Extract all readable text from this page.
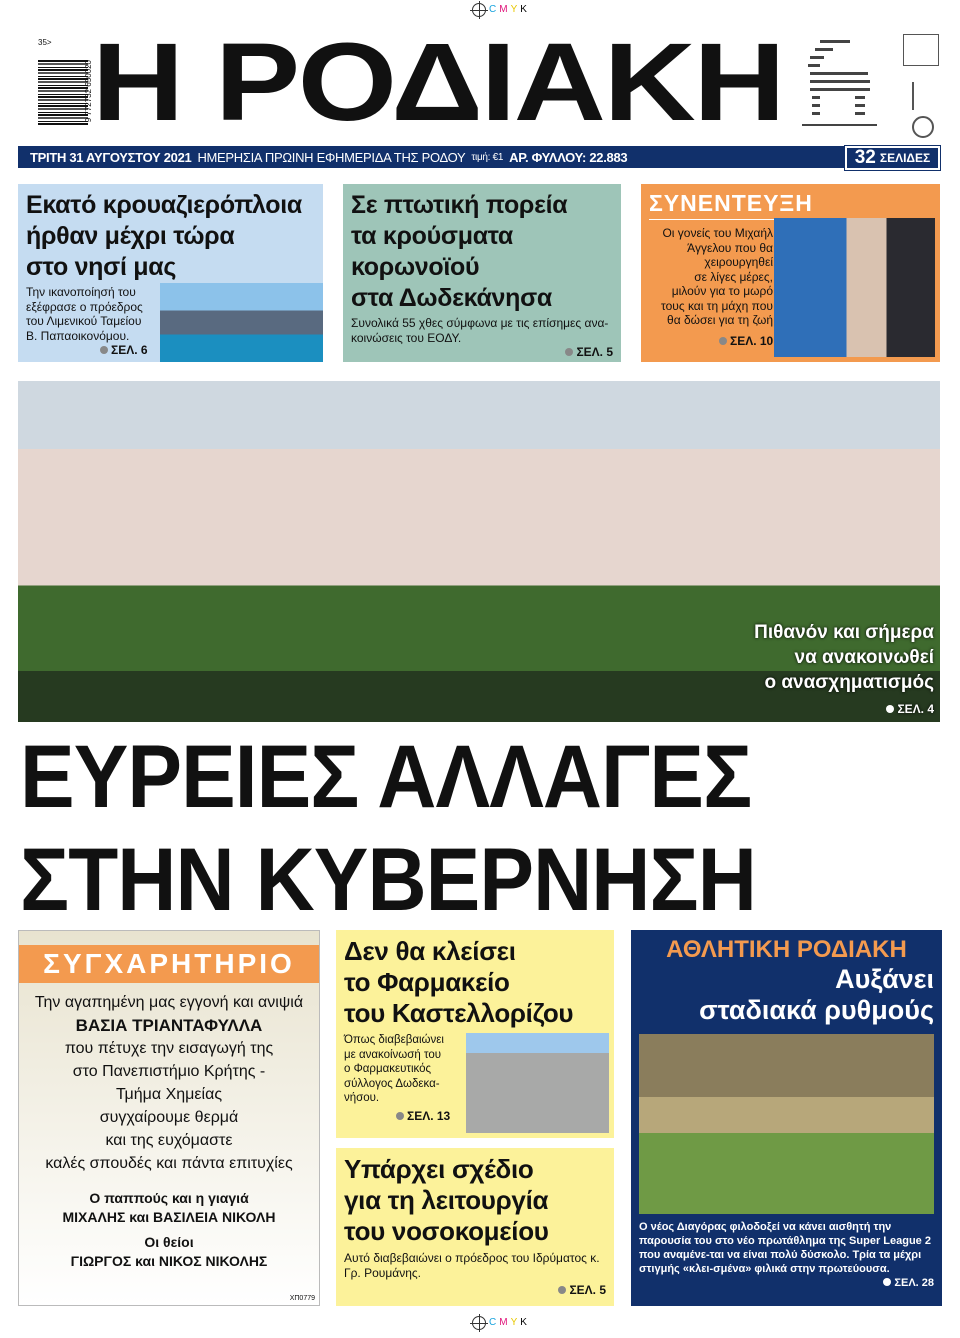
C M Y K
9 772732 650020
35> Η ΡΟΔΙΑΚΗ
ΤΡΙΤΗ 31 ΑΥΓΟΥΣΤΟΥ 2021 ΗΜΕΡΗΣΙΑ ΠΡΩΙΝΗ ΕΦΗΜΕΡΙΔΑ ΤΗΣ ΡΟΔΟΥ τιμή: €1 ΑΡ. ΦΥΛΛΟΥ: 22.883	32 ΣΕΛΙΔΕΣ
Εκατό κρουαζιερόπλοια
ήρθαν μέχρι τώρα
στο νησί μας
Την ικανοποίησή του
εξέφρασε ο πρόεδρος
του Λιμενικού Ταμείου
Β. Παπαοικονόμου.
ΣΕΛ. 6
Σε πτωτική πορεία
τα κρούσματα
κορωνοϊού
στα Δωδεκάνησα
Συνολικά 55 χθες σύμφωνα με τις επίσημες ανα-κοινώσεις του ΕΟΔΥ.
ΣΕΛ. 5
ΣΥΝΕΝΤΕΥΞΗ
Οι γονείς του Μιχαήλ
Άγγελου που θα
χειρουργηθεί
σε λίγες μέρες,
μιλούν για το μωρό
τους και τη μάχη που
θα δώσει για τη ζωή
ΣΕΛ. 10
Πιθανόν και σήμερα
να ανακοινωθεί
ο ανασχηματισμός
ΣΕΛ. 4
ΕΥΡΕΙΕΣ ΑΛΛΑΓΕΣ
ΣΤΗΝ ΚΥΒΕΡΝΗΣΗ
ΣΥΓΧΑΡΗΤΗΡΙΟ
Την αγαπημένη μας εγγονή και ανιψιά
ΒΑΣΙΑ ΤΡΙΑΝΤΑΦΥΛΛΑ
που πέτυχε την εισαγωγή της
στο Πανεπιστήμιο Κρήτης -
Τμήμα Χημείας
συγχαίρουμε θερμά
και της ευχόμαστε
καλές σπουδές και πάντα επιτυχίες
Ο παππούς και η γιαγιά
ΜΙΧΑΛΗΣ και ΒΑΣΙΛΕΙΑ ΝΙΚΟΛΗ
Οι θείοι
ΓΙΩΡΓΟΣ και ΝΙΚΟΣ ΝΙΚΟΛΗΣ
ΧΠ0779
Δεν θα κλείσει
το Φαρμακείο
του Καστελλορίζου
Όπως διαβεβαιώνει
με ανακοίνωσή του
ο Φαρμακευτικός
σύλλογος Δωδεκα-
νήσου.
ΣΕΛ. 13
Υπάρχει σχέδιο
για τη λειτουργία
του νοσοκομείου
Αυτό διαβεβαιώνει ο πρόεδρος του Ιδρύματος κ. Γρ. Ρουμάνης.
ΣΕΛ. 5
ΑΘΛΗΤΙΚΗ ΡΟΔΙΑΚΗ
Αυξάνει
σταδιακά ρυθμούς
Ο νέος Διαγόρας φιλοδοξεί να κάνει αισθητή την παρουσία του στο νέο πρωτάθλημα της Super League 2 που αναμένε-ται να είναι πολύ δύσκολο. Τρία τα μέχρι στιγμής «κλει-σμένα» φιλικά στην πρωτεύουσα.
ΣΕΛ. 28
C M Y K
